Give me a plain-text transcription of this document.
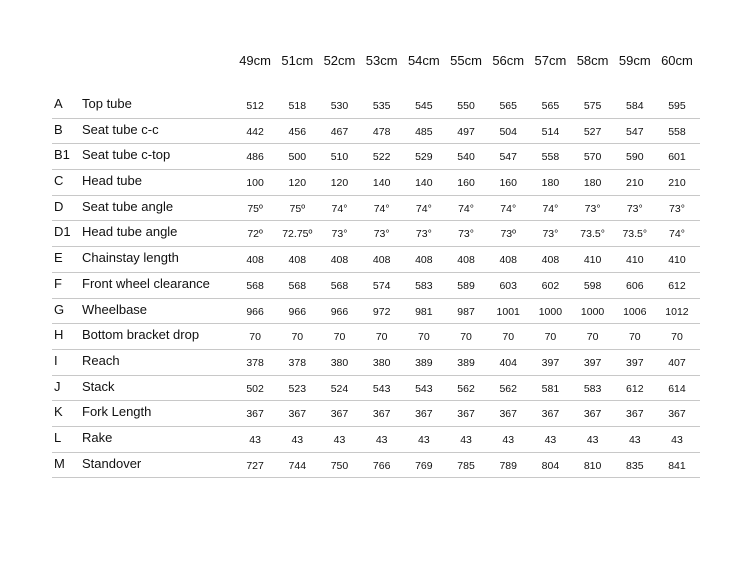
49cm 51cm 52cm 53cm 54cm 55cm 56cm 57cm 58cm 59cm 60cm
A Top tube	512	518	530	535	545	550	565	565	575	584	595
B Seat tube c-c	442	456	467	478	485	497	504	514	527	547	558
B1 Seat tube c-top	486	500	510	522	529	540	547	558	570	590	601
C Head tube	100	120	120	140	140	160	160	180	180	210	210
D Seat tube angle	75º	75º	74°	74°	74°	74°	74°	74°	73°	73°	73°
D1 Head tube angle	72º	72.75º	73°	73°	73°	73°	73º	73°	73.5°	73.5°	74°
E Chainstay length	408	408	408	408	408	408	408	408	410	410	410
F Front wheel clearance	568	568	568	574	583	589	603	602	598	606	612
G Wheelbase	966	966	966	972	981	987	1001	1000	1000	1006	1012
H Bottom bracket drop	70	70	70	70	70	70	70	70	70	70	70
I Reach	378	378	380	380	389	389	404	397	397	397	407
J Stack	502	523	524	543	543	562	562	581	583	612	614
K Fork Length	367	367	367	367	367	367	367	367	367	367	367
L Rake	43	43	43	43	43	43	43	43	43	43	43
M Standover	727	744	750	766	769	785	789	804	810	835	841
